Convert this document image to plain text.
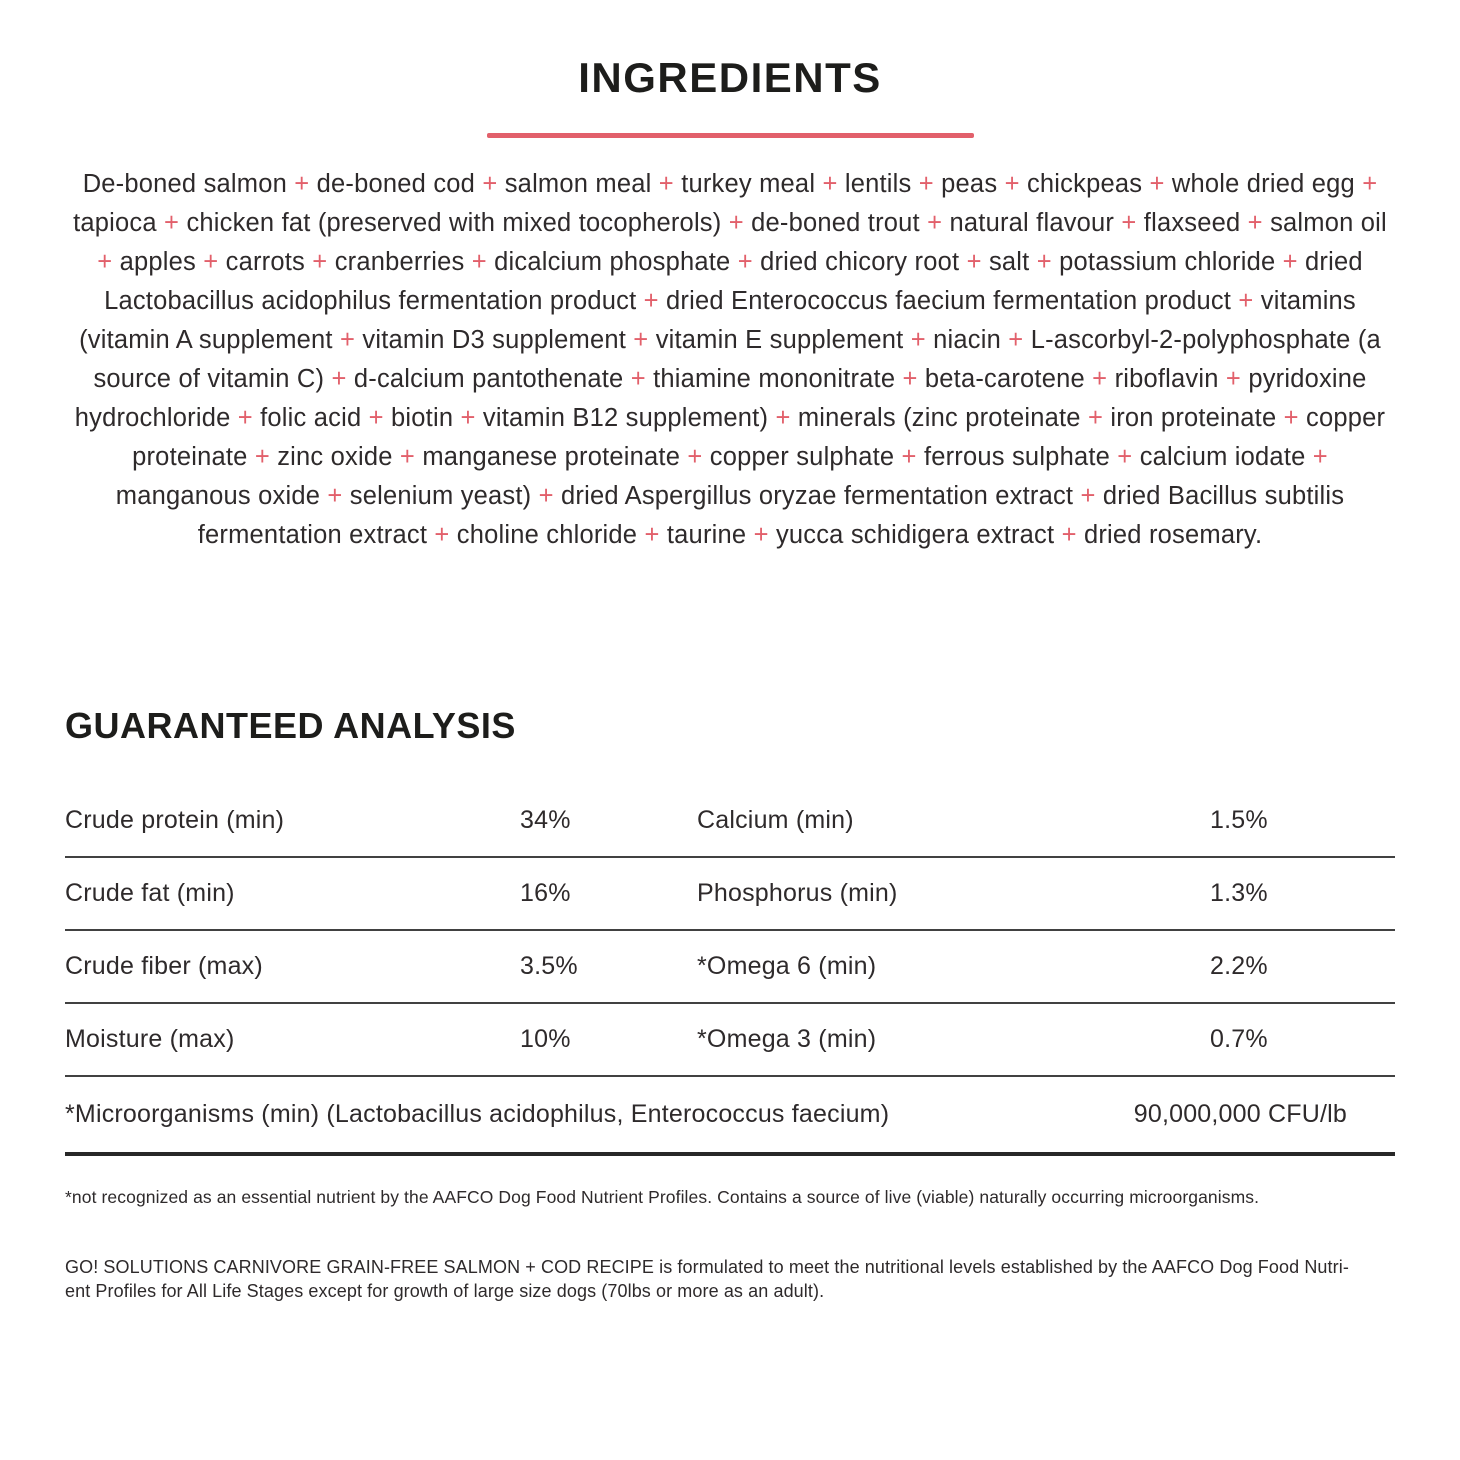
INGREDIENTS

De-boned salmon + de-boned cod + salmon meal + turkey meal + lentils + peas + chickpeas + whole dried egg + tapioca + chicken fat (preserved with mixed tocopherols) + de-boned trout + natural flavour + flaxseed + salmon oil + apples + carrots + cranberries + dicalcium phosphate + dried chicory root + salt + potassium chloride + dried Lactobacillus acidophilus fermentation product + dried Enterococcus faecium fermentation product + vitamins (vitamin A supplement + vitamin D3 supplement + vitamin E supplement + niacin + L-ascorbyl-2-polyphosphate (a source of vitamin C) + d-calcium pantothenate + thiamine mononitrate + beta-carotene + riboflavin + pyridoxine hydrochloride + folic acid + biotin + vitamin B12 supplement) + minerals (zinc proteinate + iron proteinate + copper proteinate + zinc oxide + manganese proteinate + copper sulphate + ferrous sulphate + calcium iodate + manganous oxide + selenium yeast) + dried Aspergillus oryzae fermentation extract + dried Bacillus subtilis fermentation extract + choline chloride + taurine + yucca schidigera extract + dried rosemary.

GUARANTEED ANALYSIS
Crude protein (min)	34%	Calcium (min)	1.5%
Crude fat (min)	16%	Phosphorus (min)	1.3%
Crude fiber (max)	3.5%	*Omega 6 (min)	2.2%
Moisture (max)	10%	*Omega 3 (min)	0.7%
*Microorganisms (min) (Lactobacillus acidophilus, Enterococcus faecium)	90,000,000 CFU/lb

*not recognized as an essential nutrient by the AAFCO Dog Food Nutrient Profiles. Contains a source of live (viable) naturally occurring microorganisms.

GO! SOLUTIONS CARNIVORE GRAIN-FREE SALMON + COD RECIPE is formulated to meet the nutritional levels established by the AAFCO Dog Food Nutri-
ent Profiles for All Life Stages except for growth of large size dogs (70lbs or more as an adult).
